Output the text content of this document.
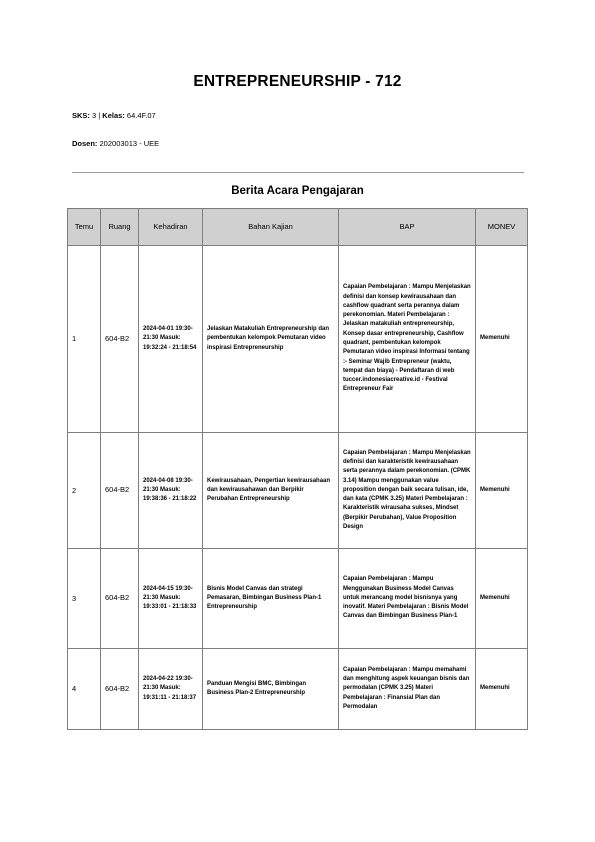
ENTREPRENEURSHIP - 712
SKS: 3 | Kelas: 64.4F.07
Dosen: 202003013 - UEE
Berita Acara Pengajaran
Temu	Ruang	Kehadiran	Bahan Kajian	BAP	MONEV
1	604-B2	2024-04-01 19:30-21:30 Masuk: 19:32:24 - 21:18:54	Jelaskan Matakuliah Entrepreneurship dan pembentukan kelompok Pemutaran video inspirasi Entrepreneurship	Capaian Pembelajaran : Mampu Menjelaskan definisi dan konsep kewirausahaan dan cashflow quadrant serta perannya dalam perekonomian. Materi Pembelajaran : Jelaskan matakuliah entrepreneurship, Konsep dasar entrepreneurship, Cashflow quadrant, pembentukan kelompok Pemutaran video inspirasi Informasi tentang :- Seminar Wajib Entrepreneur (waktu, tempat dan biaya) - Pendaftaran di web tuccer.indonesiacreative.id - Festival Entrepreneur Fair	Memenuhi
2	604-B2	2024-04-08 19:30-21:30 Masuk: 19:38:36 - 21:18:22	Kewirausahaan, Pengertian kewirausahaan dan kewirausahawan dan Berpikir Perubahan Entrepreneurship	Capaian Pembelajaran : Mampu Menjelaskan definisi dan karakteristik kewirausahaan serta perannya dalam perekonomian. (CPMK 3.14) Mampu menggunakan value proposition dengan baik secara tulisan, ide, dan kata (CPMK 3.25) Materi Pembelajaran : Karakteristik wirausaha sukses, Mindset (Berpikir Perubahan), Value Proposition Design	Memenuhi
3	604-B2	2024-04-15 19:30-21:30 Masuk: 19:33:01 - 21:18:33	Bisnis Model Canvas dan strategi Pemasaran, Bimbingan Business Plan-1 Entrepreneurship	Capaian Pembelajaran : Mampu Menggunakan Business Model Canvas untuk merancang model bisnisnya yang inovatif. Materi Pembelajaran : Bisnis Model Canvas dan Bimbingan Business Plan-1	Memenuhi
4	604-B2	2024-04-22 19:30-21:30 Masuk: 19:31:11 - 21:18:37	Panduan Mengisi BMC, Bimbingan Business Plan-2 Entrepreneurship	Capaian Pembelajaran : Mampu memahami dan menghitung aspek keuangan bisnis dan permodalan (CPMK 3.25) Materi Pembelajaran : Finansial Plan dan Permodalan	Memenuhi
